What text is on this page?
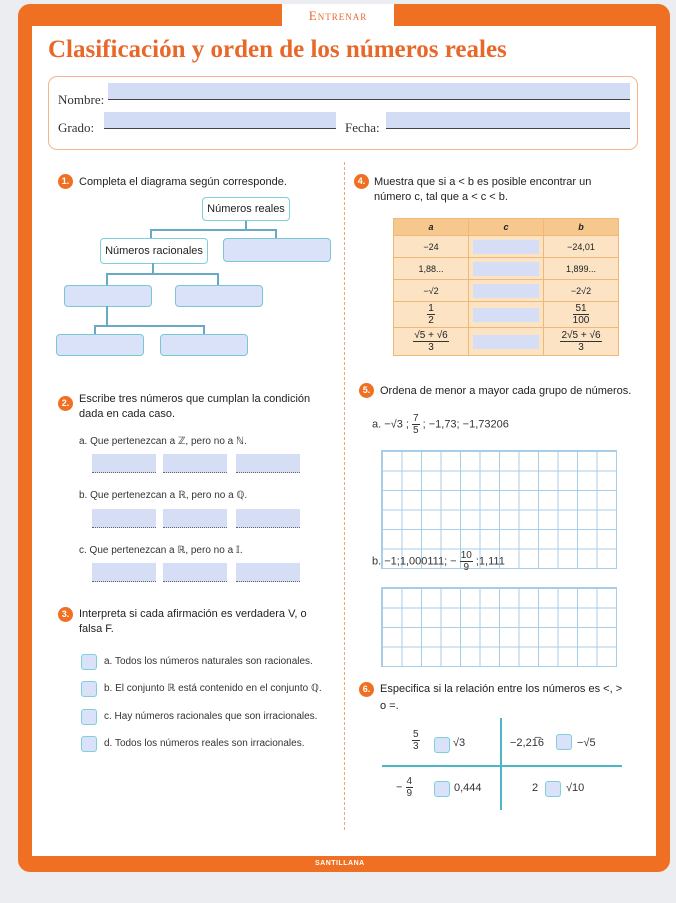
Entrenar
Clasificación y orden de los números reales
Nombre:
Grado:	Fecha:
1. Completa el diagrama según corresponde.
Números reales
Números racionales
2. Escribe tres números que cumplan la condición
dada en cada caso.
a. Que pertenezcan a ℤ, pero no a ℕ.
b. Que pertenezcan a ℝ, pero no a ℚ.
c. Que pertenezcan a ℝ, pero no a 𝕀.
3. Interpreta si cada afirmación es verdadera V, o
falsa F.
a. Todos los números naturales son racionales.
b. El conjunto ℝ está contenido en el conjunto ℚ.
c. Hay números racionales que son irracionales.
d. Todos los números reales son irracionales.
4. Muestra que si a < b es posible encontrar un
número c, tal que a < c < b.
a	c	b
−24		−24,01
1,88...		1,899...
−√2		−2√2

$\frac{1}{2}$		$\frac{51}{100}$

$\frac{√5 + √6}{3}$		$\frac{2√5 + √6}{3}$
5. Ordena de menor a mayor cada grupo de números.
a. −√3 ; $\frac{7}{5}$ ; −1,73; −1,73206
b. −1;1,000111; − $\frac{10}{9}$ ;1,111
6. Especifica si la relación entre los números es <, >
o =.
$\frac{5}{3}$	√3	−2,21̅6	−√5
− $\frac{4}{9}$	0,444	2	√10
SANTILLANA
